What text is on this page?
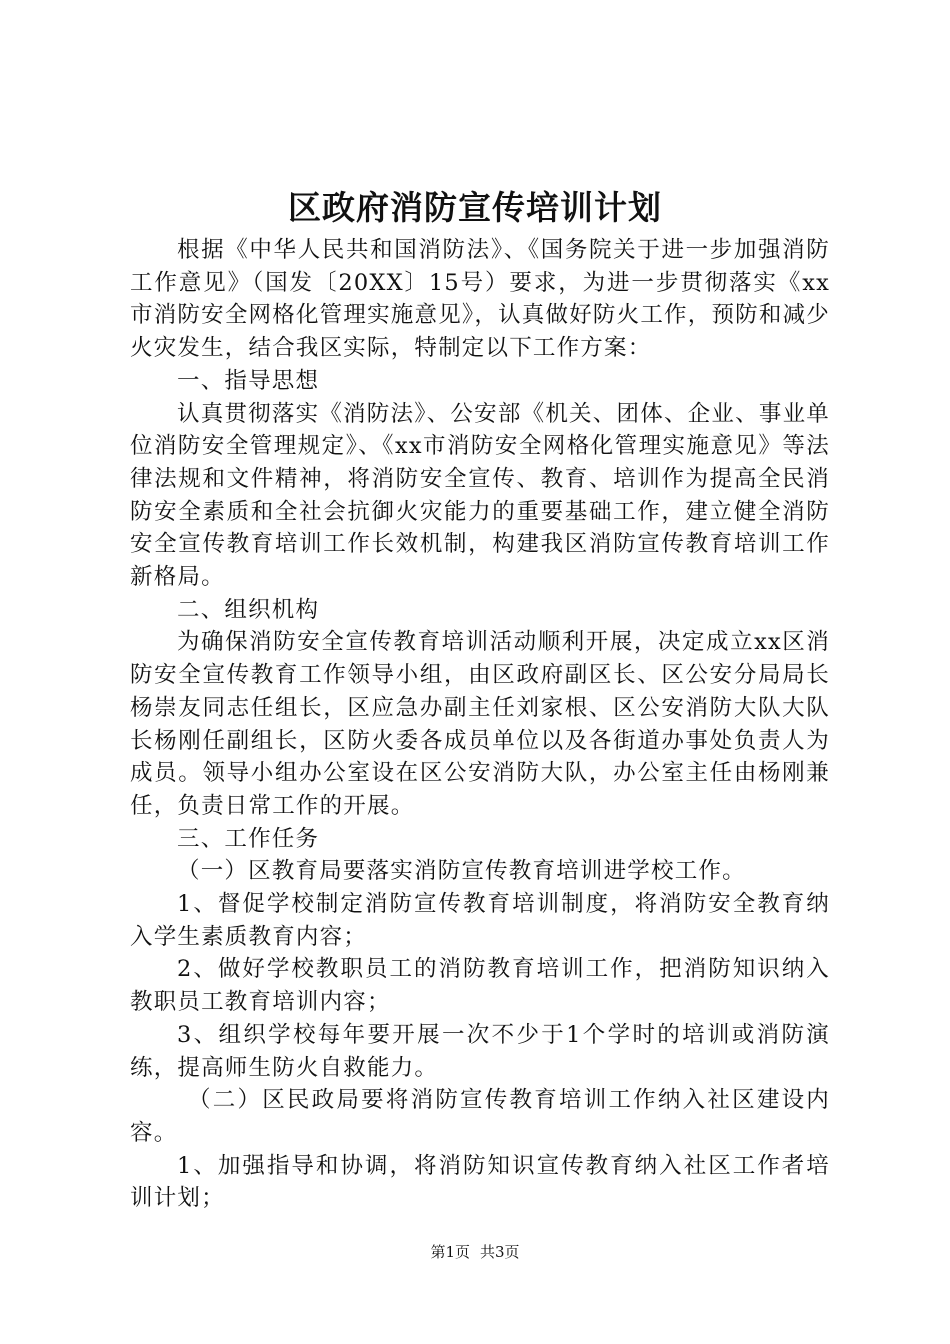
区政府消防宣传培训计划

根据《中华人民共和国消防法》、《国务院关于进一步加强消防工作意见》（国发〔20XX〕15号）要求，为进一步贯彻落实《xx市消防安全网格化管理实施意见》，认真做好防火工作，预防和减少火灾发生，结合我区实际，特制定以下工作方案：

一、指导思想

认真贯彻落实《消防法》、公安部《机关、团体、企业、事业单位消防安全管理规定》、《xx市消防安全网格化管理实施意见》等法律法规和文件精神，将消防安全宣传、教育、培训作为提高全民消防安全素质和全社会抗御火灾能力的重要基础工作，建立健全消防安全宣传教育培训工作长效机制，构建我区消防宣传教育培训工作新格局。

二、组织机构

为确保消防安全宣传教育培训活动顺利开展，决定成立xx区消防安全宣传教育工作领导小组，由区政府副区长、区公安分局局长杨崇友同志任组长，区应急办副主任刘家根、区公安消防大队大队长杨刚任副组长，区防火委各成员单位以及各街道办事处负责人为成员。领导小组办公室设在区公安消防大队，办公室主任由杨刚兼任，负责日常工作的开展。

三、工作任务

（一）区教育局要落实消防宣传教育培训进学校工作。

1、督促学校制定消防宣传教育培训制度，将消防安全教育纳入学生素质教育内容；

2、做好学校教职员工的消防教育培训工作，把消防知识纳入教职员工教育培训内容；

3、组织学校每年要开展一次不少于1个学时的培训或消防演练，提高师生防火自救能力。

（二）区民政局要将消防宣传教育培训工作纳入社区建设内容。

1、加强指导和协调，将消防知识宣传教育纳入社区工作者培训计划；

第1页 共3页
